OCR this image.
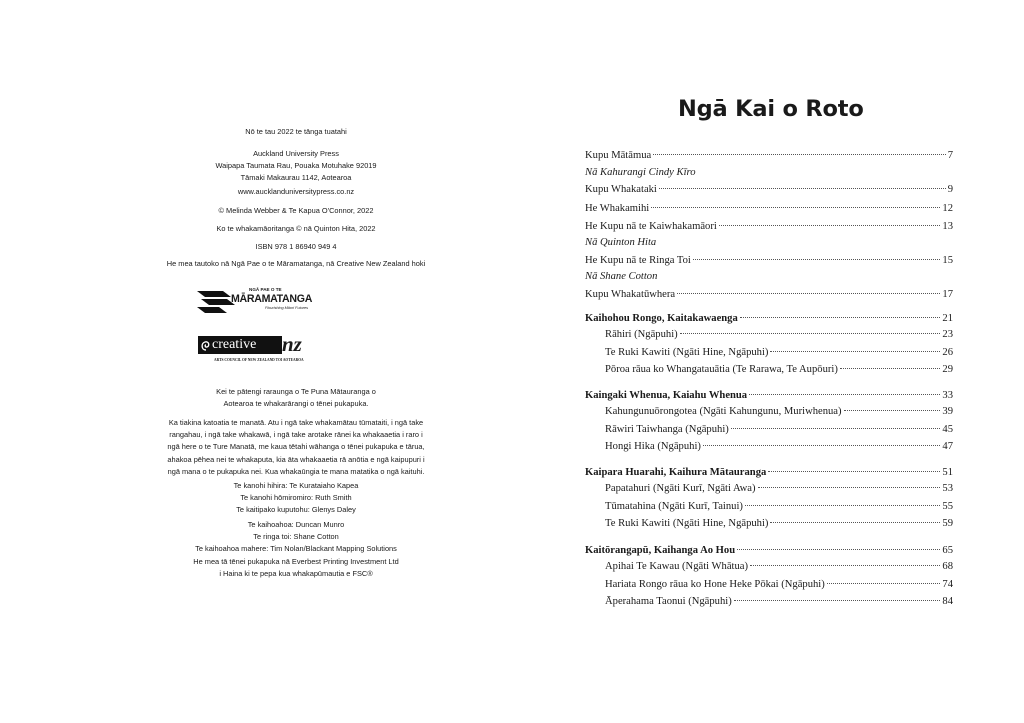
Nō te tau 2022 te tānga tuatahi
Auckland University Press
Waipapa Taumata Rau, Pouaka Motuhake 92019
Tāmaki Makaurau 1142, Aotearoa
www.aucklanduniversitypress.co.nz
© Melinda Webber & Te Kapua O'Connor, 2022
Ko te whakamāoritanga © nā Quinton Hita, 2022
ISBN 978 1 86940 949 4
He mea tautoko nā Ngā Pae o te Māramatanga, nā Creative New Zealand hoki
NGĀ PAE O TE
MĀRAMATANGA
Flourishing Māori Futures
creative nz
ARTS COUNCIL OF NEW ZEALAND TOI AOTEAROA
Kei te pātengi raraunga o Te Puna Mātauranga o
Aotearoa te whakarārangi o tēnei pukapuka.
Ka tiakina katoatia te manatā. Atu i ngā take whakamātau tūmataiti, i ngā take
rangahau, i ngā take whakawā, i ngā take arotake rānei ka whakaaetia i raro i
ngā here o te Ture Manatā, me kaua tētahi wāhanga o tēnei pukapuka e tārua,
ahakoa pēhea nei te whakaputa, kia āta whakaaetia rā anōtia e ngā kaipupuri i
ngā mana o te pukapuka nei. Kua whakaūngia te mana matatika o ngā kaituhi.
Te kanohi hihira: Te Kurataiaho Kapea
Te kanohi hōmiromiro: Ruth Smith
Te kaitipako kuputohu: Glenys Daley
Te kaihoahoa: Duncan Munro
Te ringa toi: Shane Cotton
Te kaihoahoa mahere: Tim Nolan/Blackant Mapping Solutions
He mea tā tēnei pukapuka nā Everbest Printing Investment Ltd
i Haina ki te pepa kua whakapūmautia e FSC®
Ngā Kai o Roto
Kupu Mātāmua	7
Nā Kahurangi Cindy Kīro
Kupu Whakataki	9
He Whakamihi	12
He Kupu nā te Kaiwhakamāori	13
Nā Quinton Hita
He Kupu nā te Ringa Toi	15
Nā Shane Cotton
Kupu Whakatūwhera	17
Kaihohou Rongo, Kaitakawaenga	21
Rāhiri (Ngāpuhi)	23
Te Ruki Kawiti (Ngāti Hine, Ngāpuhi)	26
Pōroa rāua ko Whangatauātia (Te Rarawa, Te Aupōuri)	29
Kaingaki Whenua, Kaiahu Whenua	33
Kahungunuōrongotea (Ngāti Kahungunu, Muriwhenua)	39
Rāwiri Taiwhanga (Ngāpuhi)	45
Hongi Hika (Ngāpuhi)	47
Kaipara Huarahi, Kaihura Mātauranga	51
Papatahuri (Ngāti Kurī, Ngāti Awa)	53
Tūmatahina (Ngāti Kurī, Tainui)	55
Te Ruki Kawiti (Ngāti Hine, Ngāpuhi)	59
Kaitōrangapū, Kaihanga Ao Hou	65
Apihai Te Kawau (Ngāti Whātua)	68
Hariata Rongo rāua ko Hone Heke Pōkai (Ngāpuhi)	74
Āperahama Taonui (Ngāpuhi)	84
